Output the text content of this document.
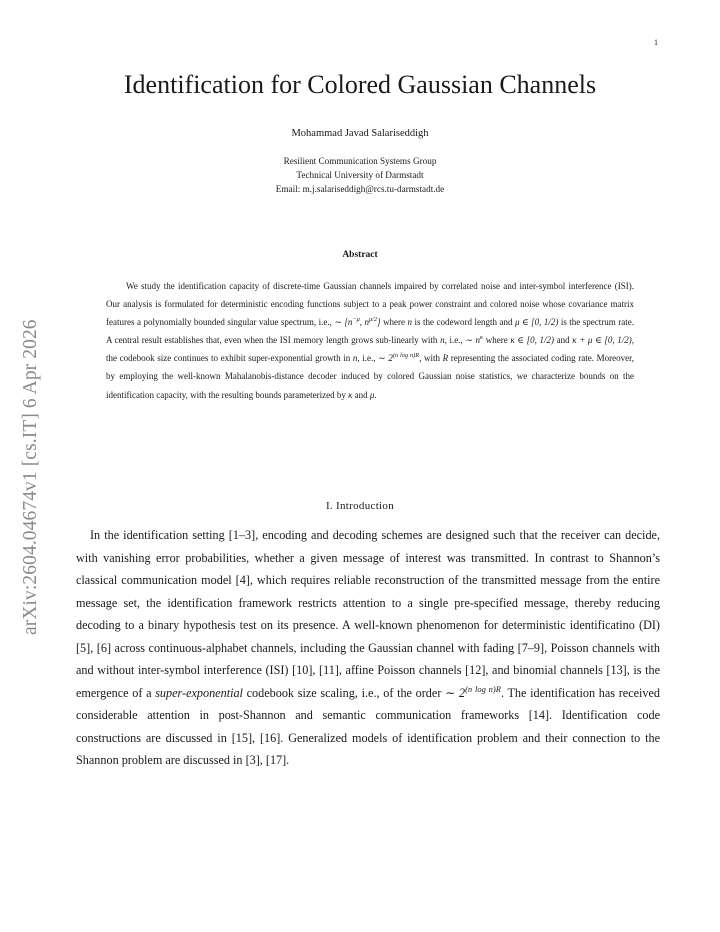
1
arXiv:2604.04674v1 [cs.IT] 6 Apr 2026
Identification for Colored Gaussian Channels
Mohammad Javad Salariseddigh
Resilient Communication Systems Group
Technical University of Darmstadt
Email: m.j.salariseddigh@rcs.tu-darmstadt.de
Abstract

We study the identification capacity of discrete-time Gaussian channels impaired by correlated noise and inter-symbol interference (ISI). Our analysis is formulated for deterministic encoding functions subject to a peak power constraint and colored noise whose covariance matrix features a polynomially bounded singular value spectrum, i.e., ∼ [$n^{-\mu}$, $n^{\mu/2}$] where n is the codeword length and μ ∈ [0, 1/2) is the spectrum rate. A central result establishes that, even when the ISI memory length grows sub-linearly with n, i.e., ∼ $n^\kappa$ where κ ∈ [0, 1/2) and κ + μ ∈ [0, 1/2), the codebook size continues to exhibit super-exponential growth in n, i.e., ∼ $2^{(n log n)R}$, with R representing the associated coding rate. Moreover, by employing the well-known Mahalanobis-distance decoder induced by colored Gaussian noise statistics, we characterize bounds on the identification capacity, with the resulting bounds parameterized by κ and μ.

I. Introduction

In the identification setting [1–3], encoding and decoding schemes are designed such that the receiver can decide, with vanishing error probabilities, whether a given message of interest was transmitted. In contrast to Shannon’s classical communication model [4], which requires reliable reconstruction of the transmitted message from the entire message set, the identification framework restricts attention to a single pre-specified message, thereby reducing decoding to a binary hypothesis test on its presence. A well-known phenomenon for deterministic identificatino (DI) [5], [6] across continuous-alphabet channels, including the Gaussian channel with fading [7–9], Poisson channels with and without inter-symbol interference (ISI) [10], [11], affine Poisson channels [12], and binomial channels [13], is the emergence of a super-exponential codebook size scaling, i.e., of the order ∼ $2^{(n log n)R}$. The identification has received considerable attention in post-Shannon and semantic communication frameworks [14]. Identification code constructions are discussed in [15], [16]. Generalized models of identification problem and their connection to the Shannon problem are discussed in [3], [17].
